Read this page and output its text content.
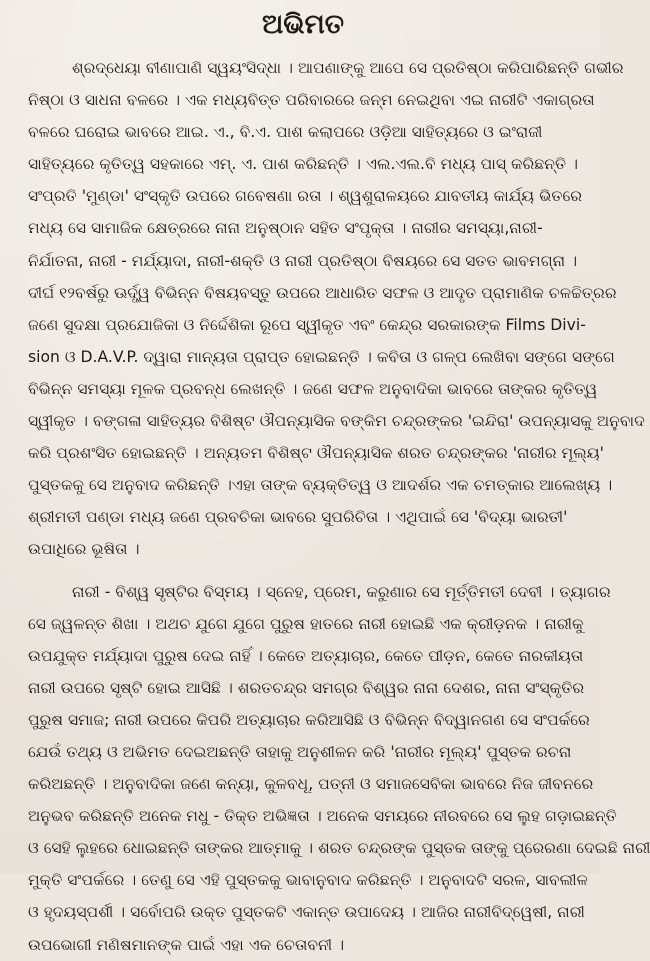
ଅଭିମତ
ଶ୍ରଦ୍ଧେୟା ବୀଣାପାଣି ସ୍ୱୟଂସିଦ୍ଧା । ଆପଣାଙ୍କୁ ଆପେ ସେ ପ୍ରତିଷ୍ଠା କରିପାରିଛନ୍ତି ଗଭୀର
ନିଷ୍ଠା ଓ ସାଧନା ବଳରେ । ଏକ ମଧ୍ୟବିତ୍ତ ପରିବାରରେ ଜନ୍ମ ନେଇଥିବା ଏଇ ନାରୀଟି ଏକାଗ୍ରତା
ବଳରେ ଘରୋଇ ଭାବରେ ଆଇ. ଏ., ବି.ଏ. ପାଶ କଲାପରେ ଓଡ଼ିଆ ସାହିତ୍ୟରେ ଓ ଇଂରାଜୀ
ସାହିତ୍ୟରେ କୃତିତ୍ୱ ସହକାରେ ଏମ୍. ଏ. ପାଶ କରିଛନ୍ତି । ଏଲ.ଏଲ.ବି ମଧ୍ୟ ପାସ୍ କରିଛନ୍ତି ।
ସଂପ୍ରତି 'ମୁଣ୍ଡା' ସଂସ୍କୃତି ଉପରେ ଗବେଷଣା ରତା । ଶ୍ୱଶୁରାଳୟରେ ଯାବତୀୟ କାର୍ଯ୍ୟ ଭିତରେ
ମଧ୍ୟ ସେ ସାମାଜିକ କ୍ଷେତ୍ରରେ ନାନା ଅନୁଷ୍ଠାନ ସହିତ ସଂପୃକ୍ତା । ନାରୀର ସମସ୍ୟା,ନାରୀ-
ନିର୍ଯାତନା, ନାରୀ - ମର୍ଯ୍ୟାଦା, ନାରୀ-ଶକ୍ତି ଓ ନାରୀ ପ୍ରତିଷ୍ଠା ବିଷୟରେ ସେ ସତତ ଭାବମଗ୍ନା ।
ଦୀର୍ଘ ୧୨ବର୍ଷରୁ ଊର୍ଦ୍ଧ୍ୱ ବିଭିନ୍ନ ବିଷୟବସ୍ତୁ ଉପରେ ଆଧାରିତ ସଫଳ ଓ ଆଦୃତ ପ୍ରାମାଣିକ ଚଳଚ୍ଚିତ୍ରର
ଜଣେ ସୁଦକ୍ଷା ପ୍ରଯୋଜିକା ଓ ନିର୍ଦ୍ଦେଶିକା ରୂପେ ସ୍ୱୀକୃତ ଏବଂ କେନ୍ଦ୍ର ସରକାରଙ୍କ Films Divi-
sion ଓ D.A.V.P. ଦ୍ୱାରା ମାନ୍ୟତା ପ୍ରାପ୍ତ ହୋଇଛନ୍ତି । କବିତା ଓ ଗଳ୍ପ ଲେଖିବା ସଙ୍ଗେ ସଙ୍ଗେ
ବିଭିନ୍ନ ସମସ୍ୟା ମୂଳକ ପ୍ରବନ୍ଧ ଲେଖନ୍ତି । ଜଣେ ସଫଳ ଅନୁବାଦିକା ଭାବରେ ତାଙ୍କର କୃତିତ୍ୱ
ସ୍ୱୀକୃତ । ବଙ୍ଗଳା ସାହିତ୍ୟର ବିଶିଷ୍ଟ ଔପନ୍ୟାସିକ ବଙ୍କିମ ଚନ୍ଦ୍ରଙ୍କର 'ଇନ୍ଦିରା' ଉପନ୍ୟାସକୁ ଅନୁବାଦ
କରି ପ୍ରଶଂସିତ ହୋଇଛନ୍ତି । ଅନ୍ୟତମ ବିଶିଷ୍ଟ ଔପନ୍ୟାସିକ ଶରତ ଚନ୍ଦ୍ରଙ୍କର 'ନାରୀର ମୂଲ୍ୟ'
ପୁସ୍ତକକୁ ସେ ଅନୁବାଦ କରିଛନ୍ତି ।ଏହା ତାଙ୍କ ବ୍ୟକ୍ତିତ୍ୱ ଓ ଆଦର୍ଶର ଏକ ଚମତ୍କାର ଆଲେଖ୍ୟ ।
ଶ୍ରୀମତୀ ପଣ୍ଡା ମଧ୍ୟ ଜଣେ ପ୍ରବଚିକା ଭାବରେ ସୁପରିଚିତା । ଏଥିପାଇଁ ସେ 'ବିଦ୍ୟା ଭାରତୀ'
ଉପାଧିରେ ଭୂଷିତା ।
ନାରୀ - ବିଶ୍ୱ ସୃଷ୍ଟିର ବିସ୍ମୟ । ସ୍ନେହ, ପ୍ରେମ, କରୁଣାର ସେ ମୂର୍ତ୍ତିମତୀ ଦେବୀ । ତ୍ୟାଗର
ସେ ଜ୍ୱଳନ୍ତ ଶିଖା । ଅଥଚ ଯୁଗେ ଯୁଗେ ପୁରୁଷ ହାତରେ ନାରୀ ହୋଇଛି ଏକ କ୍ରୀଡ଼ନକ । ନାରୀକୁ
ଉପଯୁକ୍ତ ମର୍ଯ୍ୟାଦା ପୁରୁଷ ଦେଇ ନାହିଁ । କେତେ ଅତ୍ୟାଚାର, କେତେ ପୀଡ଼ନ, କେତେ ନାରକୀୟତା
ନାରୀ ଉପରେ ସୃଷ୍ଟି ହୋଇ ଆସିଛି । ଶରତଚନ୍ଦ୍ର ସମଗ୍ର ବିଶ୍ୱର ନାନା ଦେଶର, ନାନା ସଂସ୍କୃତିର
ପୁରୁଷ ସମାଜ; ନାରୀ ଉପରେ କିପରି ଅତ୍ୟାଚାର କରିଆସିଛି ଓ ବିଭିନ୍ନ ବିଦ୍ୱାନଗଣ ସେ ସଂପର୍କରେ
ଯେଉଁ ତଥ୍ୟ ଓ ଅଭିମତ ଦେଇଅଛନ୍ତି ତାହାକୁ ଅନୁଶୀଳନ କରି 'ନାରୀର ମୂଲ୍ୟ' ପୁସ୍ତକ ରଚନା
କରିଅଛନ୍ତି । ଅନୁବାଦିକା ଜଣେ କନ୍ୟା, କୁଳବଧୂ, ପତ୍ନୀ ଓ ସମାଜସେବିକା ଭାବରେ ନିଜ ଜୀବନରେ
ଅନୁଭବ କରିଛନ୍ତି ଅନେକ ମଧୁ - ତିକ୍ତ ଅଭିଜ୍ଞତା । ଅନେକ ସମୟରେ ନୀରବରେ ସେ ଲୁହ ଗଡ଼ାଇଛନ୍ତି
ଓ ସେହି ଲୁହରେ ଧୋଇଛନ୍ତି ତାଙ୍କର ଆତ୍ମାକୁ । ଶରତ ଚନ୍ଦ୍ରଙ୍କ ପୁସ୍ତକ ତାଙ୍କୁ ପ୍ରେରଣା ଦେଇଛି ନାରୀ
ମୁକ୍ତି ସଂପର୍କରେ । ତେଣୁ ସେ ଏହି ପୁସ୍ତକକୁ ଭାବାନୁବାଦ କରିଛନ୍ତି । ଅନୁବାଦଟି ସରଳ, ସାବଲୀଳ
ଓ ହୃଦୟସ୍ପର୍ଶୀ । ସର୍ବୋପରି ଉକ୍ତ ପୁସ୍ତକଟି ଏକାନ୍ତ ଉପାଦେୟ । ଆଜିର ନାରୀବିଦ୍ୱେଷୀ, ନାରୀ
ଉପଭୋଗୀ ମଣିଷମାନଙ୍କ ପାଇଁ ଏହା ଏକ ଚେତାବନୀ ।
